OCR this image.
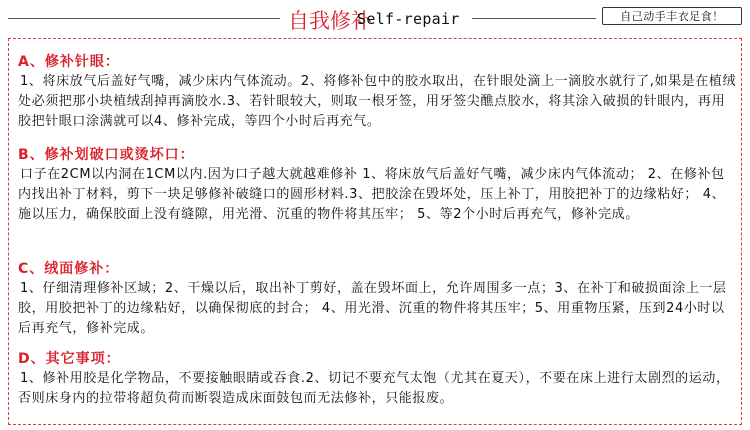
自我修补
Self-repair	自己动手丰衣足食！
A、修补针眼：
1、将床放气后盖好气嘴，减少床内气体流动。2、将修补包中的胶水取出，在针眼处滴上一滴胶水就行了,如果是在植绒处必须把那小块植绒刮掉再滴胶水.3、若针眼较大，则取一根牙签，用牙签尖醮点胶水，将其涂入破损的针眼内，再用胶把针眼口涂满就可以4、修补完成，等四个小时后再充气。
B、修补划破口或烫坏口：
口子在2CM以内洞在1CM以内.因为口子越大就越难修补 1、将床放气后盖好气嘴，减少床内气体流动； 2、在修补包内找出补丁材料，剪下一块足够修补破缝口的圆形材料.3、把胶涂在毁坏处，压上补丁，用胶把补丁的边缘粘好； 4、施以压力，确保胶面上没有缝隙，用光滑、沉重的物件将其压牢； 5、等2个小时后再充气，修补完成。
C、绒面修补：
1、仔细清理修补区域；2、干燥以后，取出补丁剪好，盖在毁坏面上，允许周围多一点；3、在补丁和破损面涂上一层胶，用胶把补丁的边缘粘好，以确保彻底的封合； 4、用光滑、沉重的物件将其压牢；5、用重物压紧，压到24小时以后再充气，修补完成。
D、其它事项：
1、修补用胶是化学物品，不要接触眼睛或吞食.2、切记不要充气太饱（尤其在夏天），不要在床上进行太剧烈的运动，否则床身内的拉带将超负荷而断裂造成床面鼓包而无法修补，只能报废。
